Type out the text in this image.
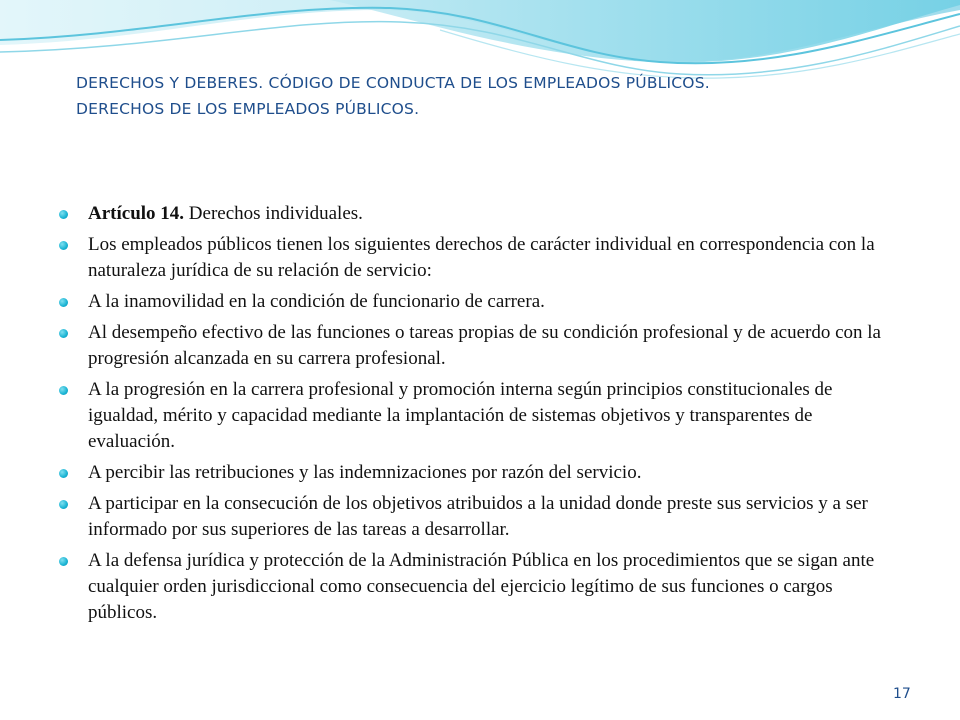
DERECHOS Y DEBERES. CÓDIGO DE CONDUCTA DE LOS EMPLEADOS PÚBLICOS.
DERECHOS DE LOS EMPLEADOS PÚBLICOS.
Artículo 14. Derechos individuales.
Los empleados públicos tienen los siguientes derechos de carácter individual en correspondencia con la naturaleza jurídica de su relación de servicio:
A la inamovilidad en la condición de funcionario de carrera.
Al desempeño efectivo de las funciones o tareas propias de su condición profesional y de acuerdo con la progresión alcanzada en su carrera profesional.
A la progresión en la carrera profesional y promoción interna según principios constitucionales de igualdad, mérito y capacidad mediante la implantación de sistemas objetivos y transparentes de evaluación.
A percibir las retribuciones y las indemnizaciones por razón del servicio.
A participar en la consecución de los objetivos atribuidos a la unidad donde preste sus servicios y a ser informado por sus superiores de las tareas a desarrollar.
A la defensa jurídica y protección de la Administración Pública en los procedimientos que se sigan ante cualquier orden jurisdiccional como consecuencia del ejercicio legítimo de sus funciones o cargos públicos.
17
